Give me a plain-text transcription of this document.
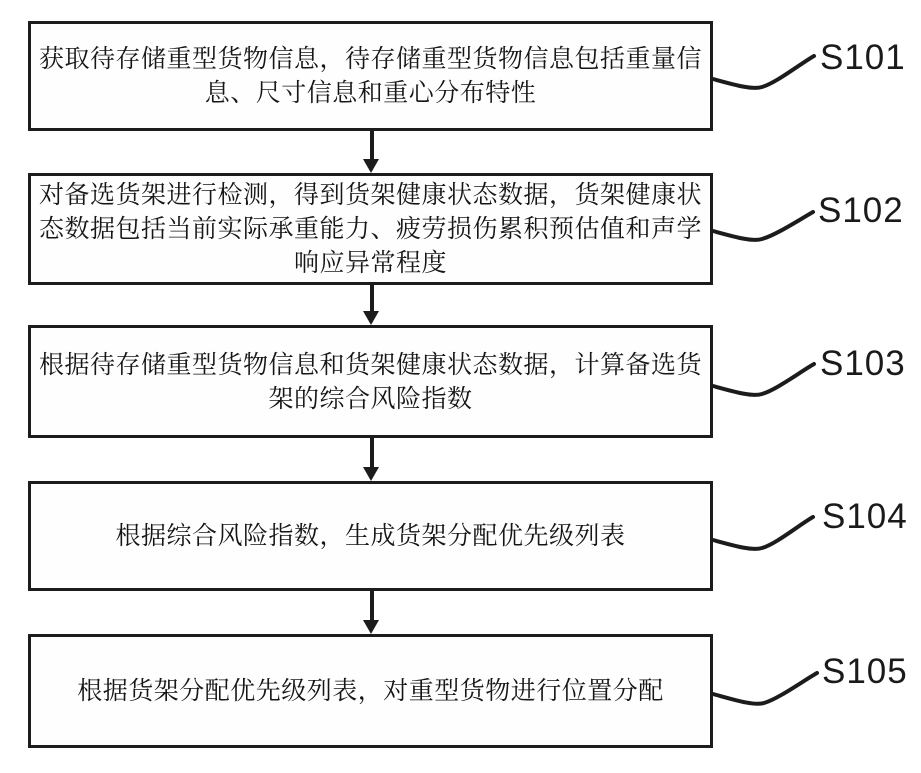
获取待存储重型货物信息，待存储重型货物信息包括重量信息、尺寸信息和重心分布特性
对备选货架进行检测，得到货架健康状态数据，货架健康状态数据包括当前实际承重能力、疲劳损伤累积预估值和声学响应异常程度
根据待存储重型货物信息和货架健康状态数据，计算备选货架的综合风险指数
根据综合风险指数，生成货架分配优先级列表
根据货架分配优先级列表，对重型货物进行位置分配
S101
S102
S103
S104
S105
